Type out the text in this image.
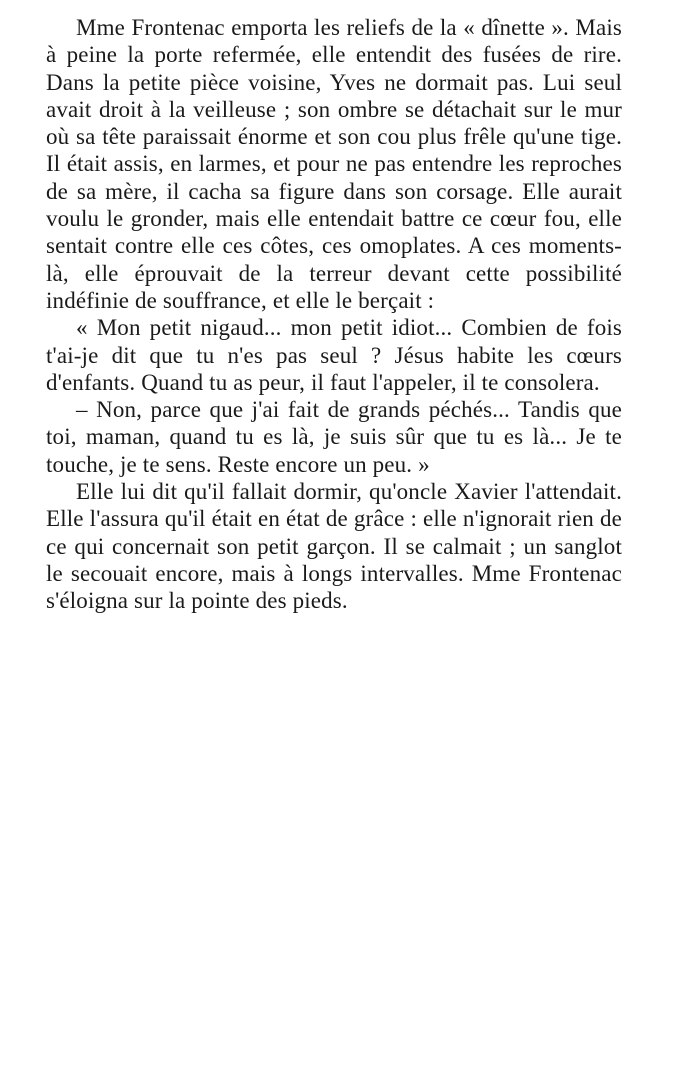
Mme Frontenac emporta les reliefs de la « dînette ». Mais à peine la porte refermée, elle entendit des fusées de rire. Dans la petite pièce voisine, Yves ne dormait pas. Lui seul avait droit à la veilleuse ; son ombre se détachait sur le mur où sa tête paraissait énorme et son cou plus frêle qu'une tige. Il était assis, en larmes, et pour ne pas entendre les reproches de sa mère, il cacha sa figure dans son corsage. Elle aurait voulu le gronder, mais elle entendait battre ce cœur fou, elle sentait contre elle ces côtes, ces omoplates. A ces moments-là, elle éprouvait de la terreur devant cette possibilité indéfinie de souffrance, et elle le berçait :

« Mon petit nigaud... mon petit idiot... Combien de fois t'ai-je dit que tu n'es pas seul ? Jésus habite les cœurs d'enfants. Quand tu as peur, il faut l'appeler, il te consolera.

– Non, parce que j'ai fait de grands péchés... Tandis que toi, maman, quand tu es là, je suis sûr que tu es là... Je te touche, je te sens. Reste encore un peu. »

Elle lui dit qu'il fallait dormir, qu'oncle Xavier l'attendait. Elle l'assura qu'il était en état de grâce : elle n'ignorait rien de ce qui concernait son petit garçon. Il se calmait ; un sanglot le secouait encore, mais à longs intervalles. Mme Frontenac s'éloigna sur la pointe des pieds.
